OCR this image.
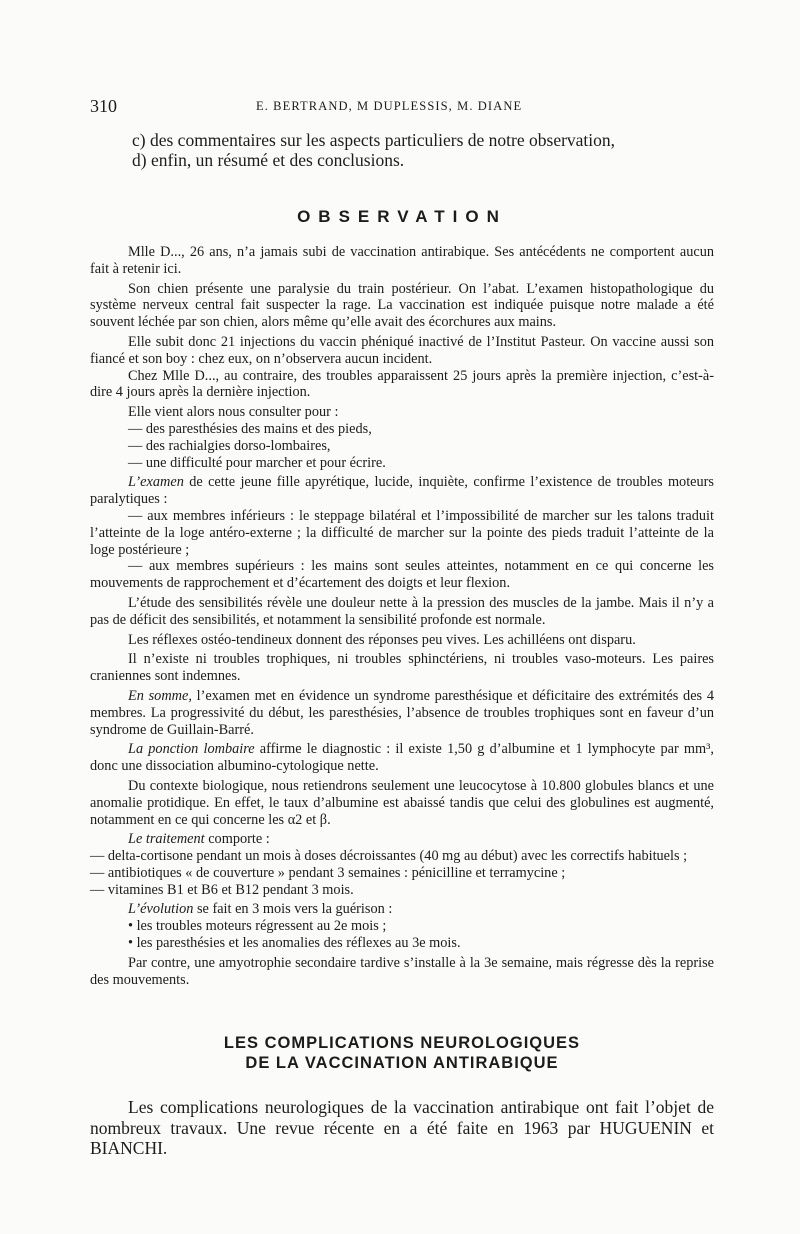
310	E. BERTRAND, M DUPLESSIS, M. DIANE
c) des commentaires sur les aspects particuliers de notre observation,
d) enfin, un résumé et des conclusions.
OBSERVATION

Mlle D..., 26 ans, n’a jamais subi de vaccination antirabique. Ses antécédents ne comportent aucun fait à retenir ici.

Son chien présente une paralysie du train postérieur. On l’abat. L’examen histopathologique du système nerveux central fait suspecter la rage. La vaccination est indiquée puisque notre malade a été souvent léchée par son chien, alors même qu’elle avait des écorchures aux mains.

Elle subit donc 21 injections du vaccin phéniqué inactivé de l’Institut Pasteur. On vaccine aussi son fiancé et son boy : chez eux, on n’observera aucun incident.

Chez Mlle D..., au contraire, des troubles apparaissent 25 jours après la première injection, c’est-à-dire 4 jours après la dernière injection.

Elle vient alors nous consulter pour :

— des paresthésies des mains et des pieds,

— des rachialgies dorso-lombaires,

— une difficulté pour marcher et pour écrire.

L’examen de cette jeune fille apyrétique, lucide, inquiète, confirme l’existence de troubles moteurs paralytiques :

— aux membres inférieurs : le steppage bilatéral et l’impossibilité de marcher sur les talons traduit l’atteinte de la loge antéro-externe ; la difficulté de marcher sur la pointe des pieds traduit l’atteinte de la loge postérieure ;

— aux membres supérieurs : les mains sont seules atteintes, notamment en ce qui concerne les mouvements de rapprochement et d’écartement des doigts et leur flexion.

L’étude des sensibilités révèle une douleur nette à la pression des muscles de la jambe. Mais il n’y a pas de déficit des sensibilités, et notamment la sensibilité profonde est normale.

Les réflexes ostéo-tendineux donnent des réponses peu vives. Les achilléens ont disparu.

Il n’existe ni troubles trophiques, ni troubles sphinctériens, ni troubles vaso-moteurs. Les paires craniennes sont indemnes.

En somme, l’examen met en évidence un syndrome paresthésique et déficitaire des extrémités des 4 membres. La progressivité du début, les paresthésies, l’absence de troubles trophiques sont en faveur d’un syndrome de Guillain-Barré.

La ponction lombaire affirme le diagnostic : il existe 1,50 g d’albumine et 1 lymphocyte par mm³, donc une dissociation albumino-cytologique nette.

Du contexte biologique, nous retiendrons seulement une leucocytose à 10.800 globules blancs et une anomalie protidique. En effet, le taux d’albumine est abaissé tandis que celui des globulines est augmenté, notamment en ce qui concerne les α2 et β.

Le traitement comporte :

— delta-cortisone pendant un mois à doses décroissantes (40 mg au début) avec les correctifs habituels ;

— antibiotiques « de couverture » pendant 3 semaines : pénicilline et terramycine ;

— vitamines B1 et B6 et B12 pendant 3 mois.

L’évolution se fait en 3 mois vers la guérison :

• les troubles moteurs régressent au 2e mois ;

• les paresthésies et les anomalies des réflexes au 3e mois.

Par contre, une amyotrophie secondaire tardive s’installe à la 3e semaine, mais régresse dès la reprise des mouvements.

LES COMPLICATIONS NEUROLOGIQUES
DE LA VACCINATION ANTIRABIQUE

Les complications neurologiques de la vaccination antirabique ont fait l’objet de nombreux travaux. Une revue récente en a été faite en 1963 par HUGUENIN et BIANCHI.
